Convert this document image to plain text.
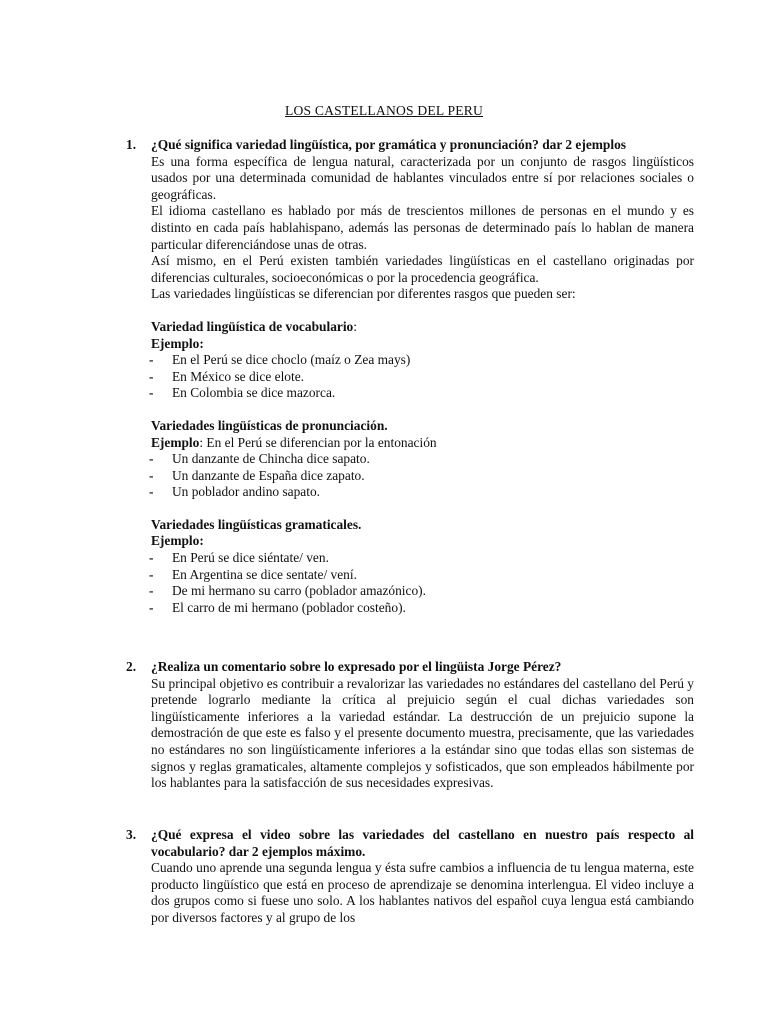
LOS CASTELLANOS DEL PERU
1. ¿Qué significa variedad lingüística, por gramática y pronunciación? dar 2 ejemplos

Es una forma específica de lengua natural, caracterizada por un conjunto de rasgos lingüísticos usados por una determinada comunidad de hablantes vinculados entre sí por relaciones sociales o geográficas.

El idioma castellano es hablado por más de trescientos millones de personas en el mundo y es distinto en cada país hablahispano, además las personas de determinado país lo hablan de manera particular diferenciándose unas de otras.

Así mismo, en el Perú existen también variedades lingüísticas en el castellano originadas por diferencias culturales, socioeconómicas o por la procedencia geográfica.

Las variedades lingüísticas se diferencian por diferentes rasgos que pueden ser:

Variedad lingüística de vocabulario:
Ejemplo:
- En el Perú se dice choclo (maíz o Zea mays)
- En México se dice elote.
- En Colombia se dice mazorca.
Variedades lingüísticas de pronunciación.
Ejemplo: En el Perú se diferencian por la entonación
- Un danzante de Chincha dice sapato.
- Un danzante de España dice zapato.
- Un poblador andino sapato.
Variedades lingüísticas gramaticales.
Ejemplo:
- En Perú se dice siéntate/ ven.
- En Argentina se dice sentate/ vení.
- De mi hermano su carro (poblador amazónico).
- El carro de mi hermano (poblador costeño).
2. ¿Realiza un comentario sobre lo expresado por el lingüista Jorge Pérez?

Su principal objetivo es contribuir a revalorizar las variedades no estándares del castellano del Perú y pretende lograrlo mediante la crítica al prejuicio según el cual dichas variedades son lingüísticamente inferiores a la variedad estándar. La destrucción de un prejuicio supone la demostración de que este es falso y el presente documento muestra, precisamente, que las variedades no estándares no son lingüísticamente inferiores a la estándar sino que todas ellas son sistemas de signos y reglas gramaticales, altamente complejos y sofisticados, que son empleados hábilmente por los hablantes para la satisfacción de sus necesidades expresivas.

3. ¿Qué expresa el video sobre las variedades del castellano en nuestro país respecto al vocabulario? dar 2 ejemplos máximo.

Cuando uno aprende una segunda lengua y ésta sufre cambios a influencia de tu lengua materna, este producto lingüístico que está en proceso de aprendizaje se denomina interlengua. El video incluye a dos grupos como si fuese uno solo. A los hablantes nativos del español cuya lengua está cambiando por diversos factores y al grupo de los
